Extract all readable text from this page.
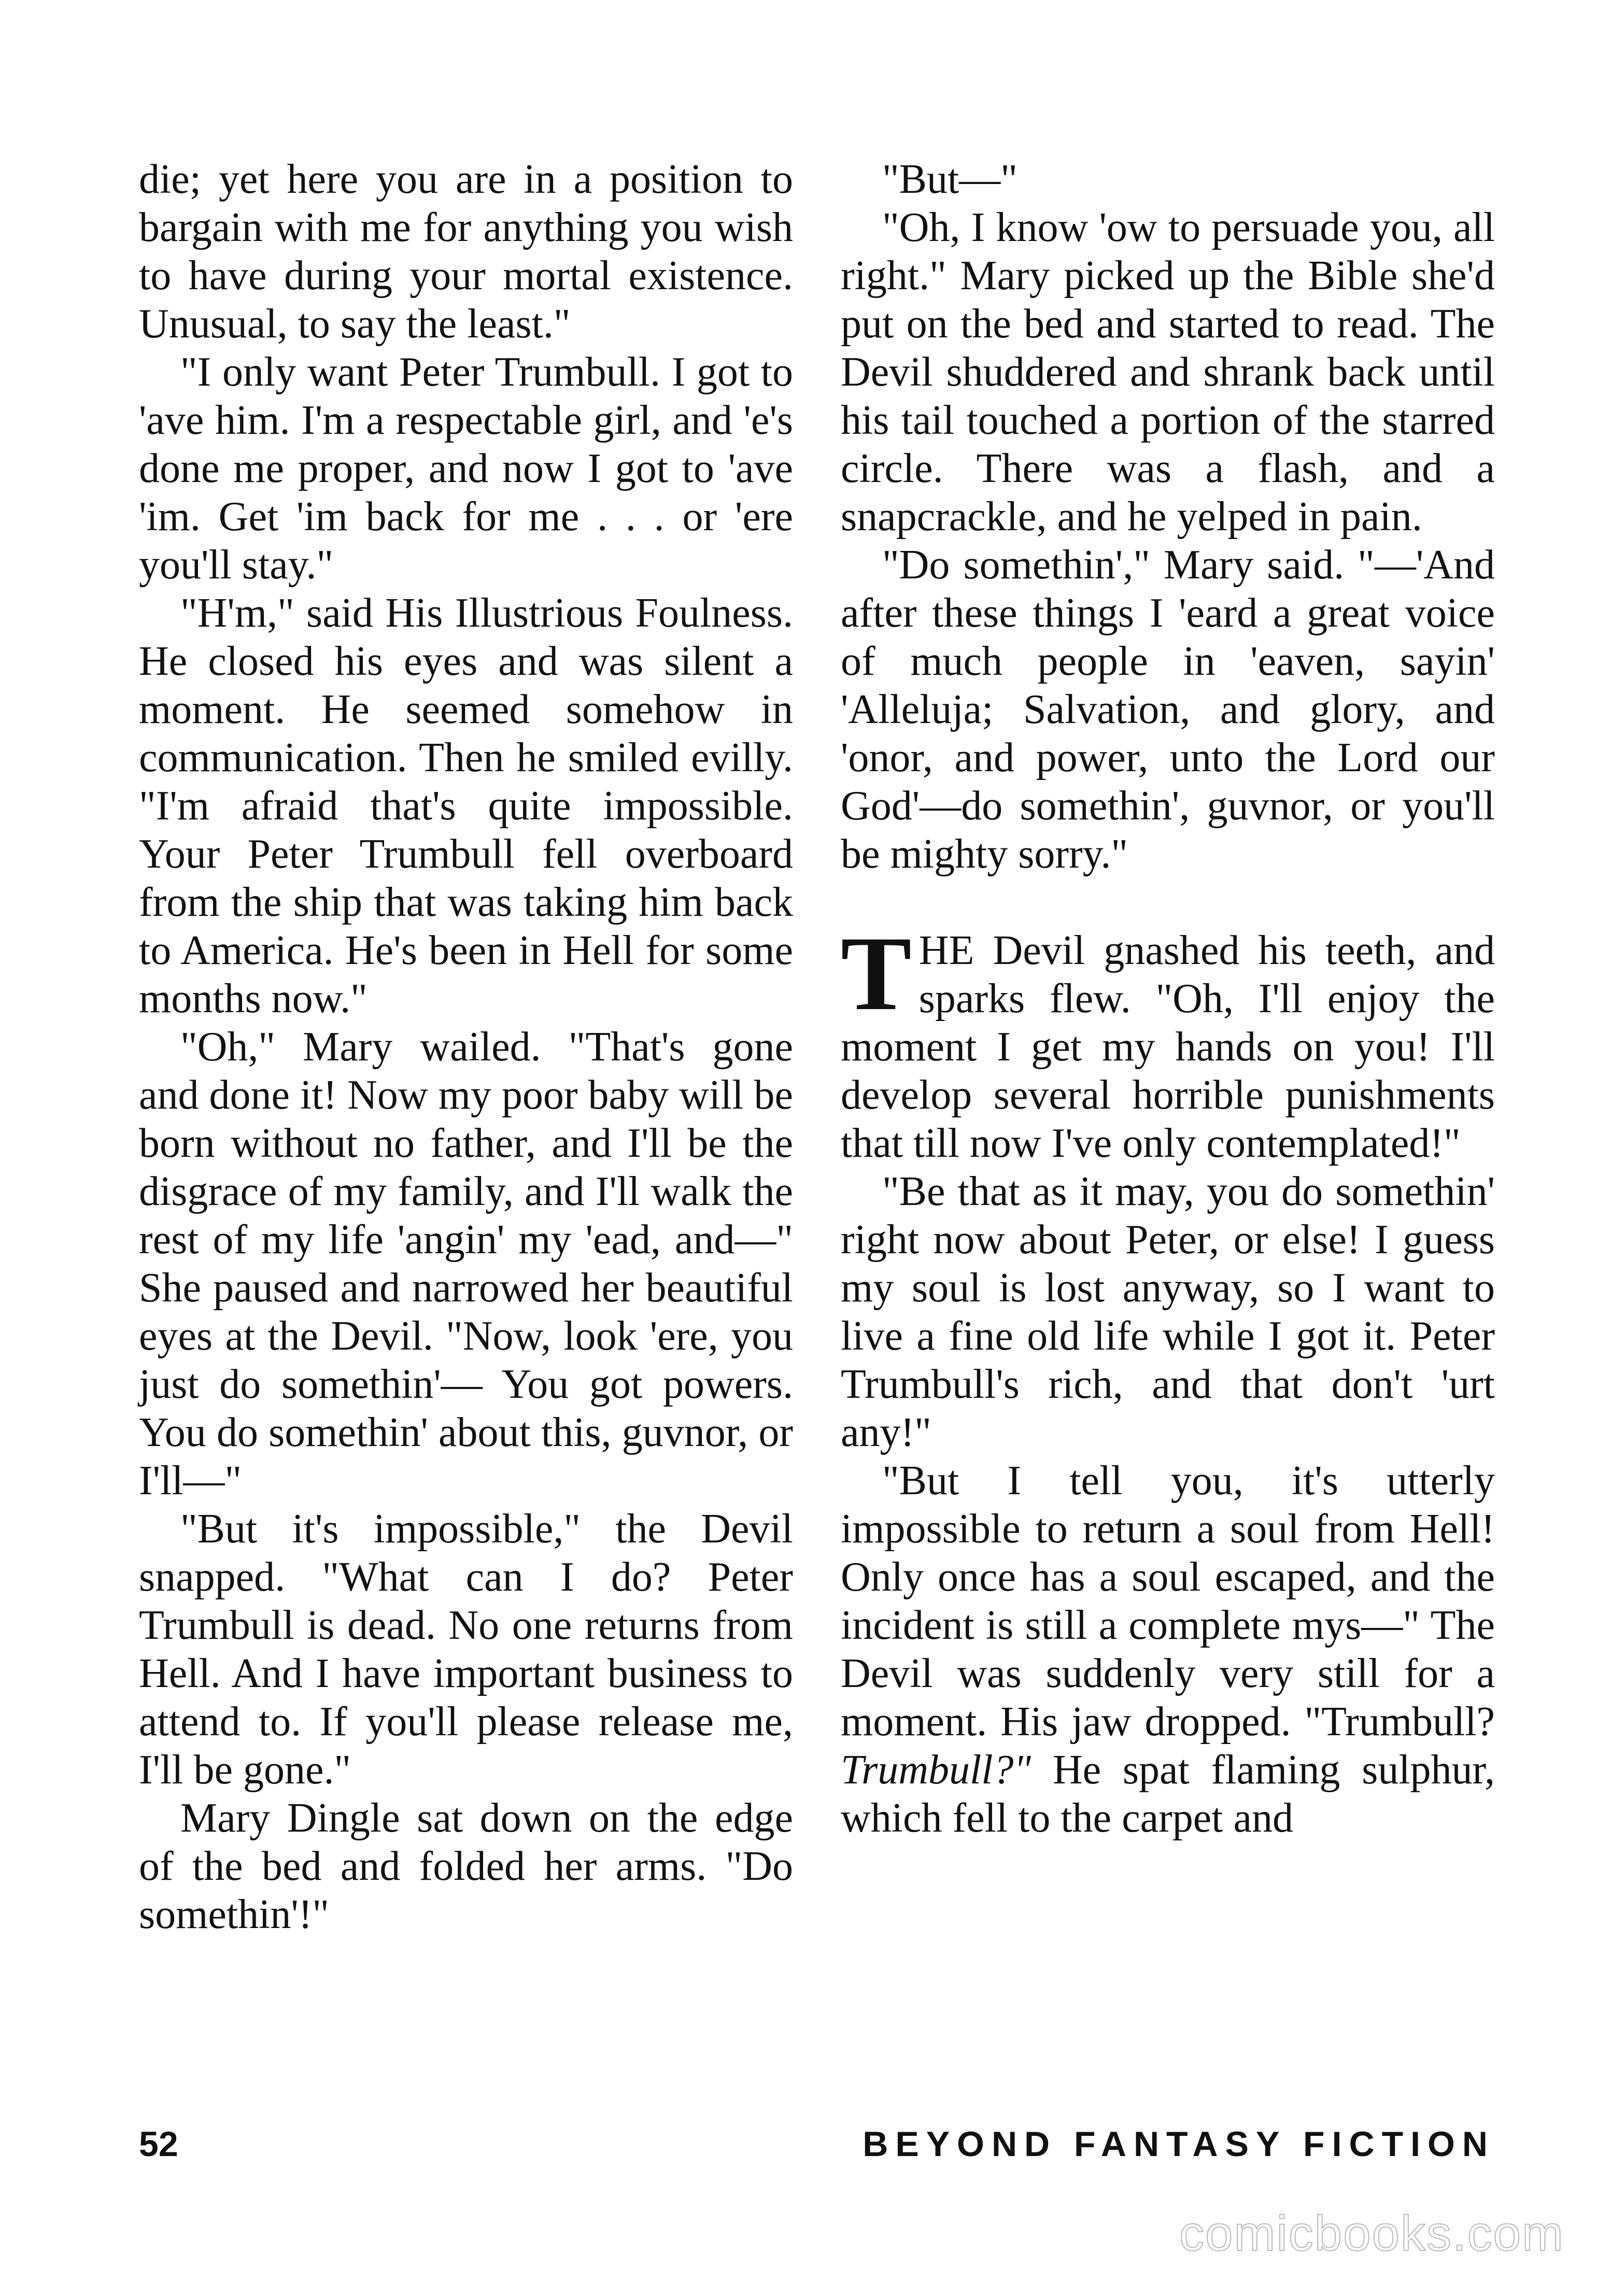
die; yet here you are in a position to bargain with me for anything you wish to have during your mortal existence. Unusual, to say the least."

"I only want Peter Trumbull. I got to 'ave him. I'm a respectable girl, and 'e's done me proper, and now I got to 'ave 'im. Get 'im back for me . . . or 'ere you'll stay."

"H'm," said His Illustrious Foulness. He closed his eyes and was silent a moment. He seemed somehow in communication. Then he smiled evilly. "I'm afraid that's quite impossible. Your Peter Trumbull fell overboard from the ship that was taking him back to America. He's been in Hell for some months now."

"Oh," Mary wailed. "That's gone and done it! Now my poor baby will be born without no father, and I'll be the disgrace of my family, and I'll walk the rest of my life 'angin' my 'ead, and—" She paused and narrowed her beautiful eyes at the Devil. "Now, look 'ere, you just do somethin'— You got powers. You do somethin' about this, guvnor, or I'll—"

"But it's impossible," the Devil snapped. "What can I do? Peter Trumbull is dead. No one returns from Hell. And I have important business to attend to. If you'll please release me, I'll be gone."

Mary Dingle sat down on the edge of the bed and folded her arms. "Do somethin'!"

"But—"

"Oh, I know 'ow to persuade you, all right." Mary picked up the Bible she'd put on the bed and started to read. The Devil shuddered and shrank back until his tail touched a portion of the starred circle. There was a flash, and a snapcrackle, and he yelped in pain.

"Do somethin'," Mary said. "—'And after these things I 'eard a great voice of much people in 'eaven, sayin' 'Alleluja; Salvation, and glory, and 'onor, and power, unto the Lord our God'—do somethin', guvnor, or you'll be mighty sorry."

THE Devil gnashed his teeth, and sparks flew. "Oh, I'll enjoy the moment I get my hands on you! I'll develop several horrible punishments that till now I've only contemplated!"

"Be that as it may, you do somethin' right now about Peter, or else! I guess my soul is lost anyway, so I want to live a fine old life while I got it. Peter Trumbull's rich, and that don't 'urt any!"

"But I tell you, it's utterly impossible to return a soul from Hell! Only once has a soul escaped, and the incident is still a complete mys—" The Devil was suddenly very still for a moment. His jaw dropped. "Trumbull? Trumbull?" He spat flaming sulphur, which fell to the carpet and

52	BEYOND FANTASY FICTION
comicbooks.com
